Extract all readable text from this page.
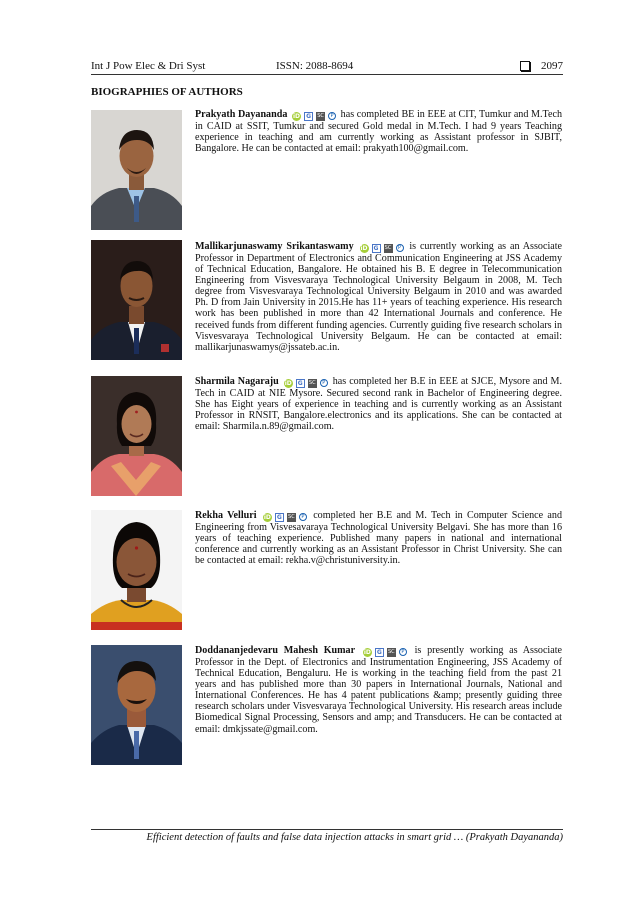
Int J Pow Elec & Dri Syst	ISSN: 2088-8694	2097
BIOGRAPHIES OF AUTHORS
Prakyath Dayananda iD	G	SC	P has completed BE in EEE at CIT, Tumkur and M.Tech in CAID at SSIT, Tumkur and secured Gold medal in M.Tech. I had 9 years Teaching experience in teaching and am currently working as Assistant professor in SJBIT, Bangalore. He can be contacted at email: prakyath100@gmail.com.
Mallikarjunaswamy Srikantaswamy iD	G	SC	P is currently working as an Associate Professor in Department of Electronics and Communication Engineering at JSS Academy of Technical Education, Bangalore. He obtained his B. E degree in Telecommunication Engineering from Visvesvaraya Technological University Belgaum in 2008, M. Tech degree from Visvesvaraya Technological University Belgaum in 2010 and was awarded Ph. D from Jain University in 2015.He has 11+ years of teaching experience. His research work has been published in more than 42 International Journals and conference. He received funds from different funding agencies. Currently guiding five research scholars in Visvesvaraya Technological University Belgaum. He can be contacted at email: mallikarjunaswamys@jssateb.ac.in.
Sharmila Nagaraju iD	G	SC	P has completed her B.E in EEE at SJCE, Mysore and M. Tech in CAID at NIE Mysore. Secured second rank in Bachelor of Engineering degree. She has Eight years of experience in teaching and is currently working as an Assistant Professor in RNSIT, Bangalore.electronics and its applications. She can be contacted at email: Sharmila.n.89@gmail.com.
Rekha Velluri iD	G	SC	P completed her B.E and M. Tech in Computer Science and Engineering from Visvesavaraya Technological University Belgavi. She has more than 16 years of teaching experience. Published many papers in national and international conference and currently working as an Assistant Professor in Christ University. She can be contacted at email: rekha.v@christuniversity.in.
Doddananjedevaru Mahesh Kumar iD	G	SC	P is presently working as Associate Professor in the Dept. of Electronics and Instrumentation Engineering, JSS Academy of Technical Education, Bengaluru. He is working in the teaching field from the past 21 years and has published more than 30 papers in International Journals, National and International Conferences. He has 4 patent publications &amp; presently guiding three research scholars under Visvesvaraya Technological University. His research areas include Biomedical Signal Processing, Sensors and amp; and Transducers. He can be contacted at email: dmkjssate@gmail.com.
Efficient detection of faults and false data injection attacks in smart grid … (Prakyath Dayananda)
